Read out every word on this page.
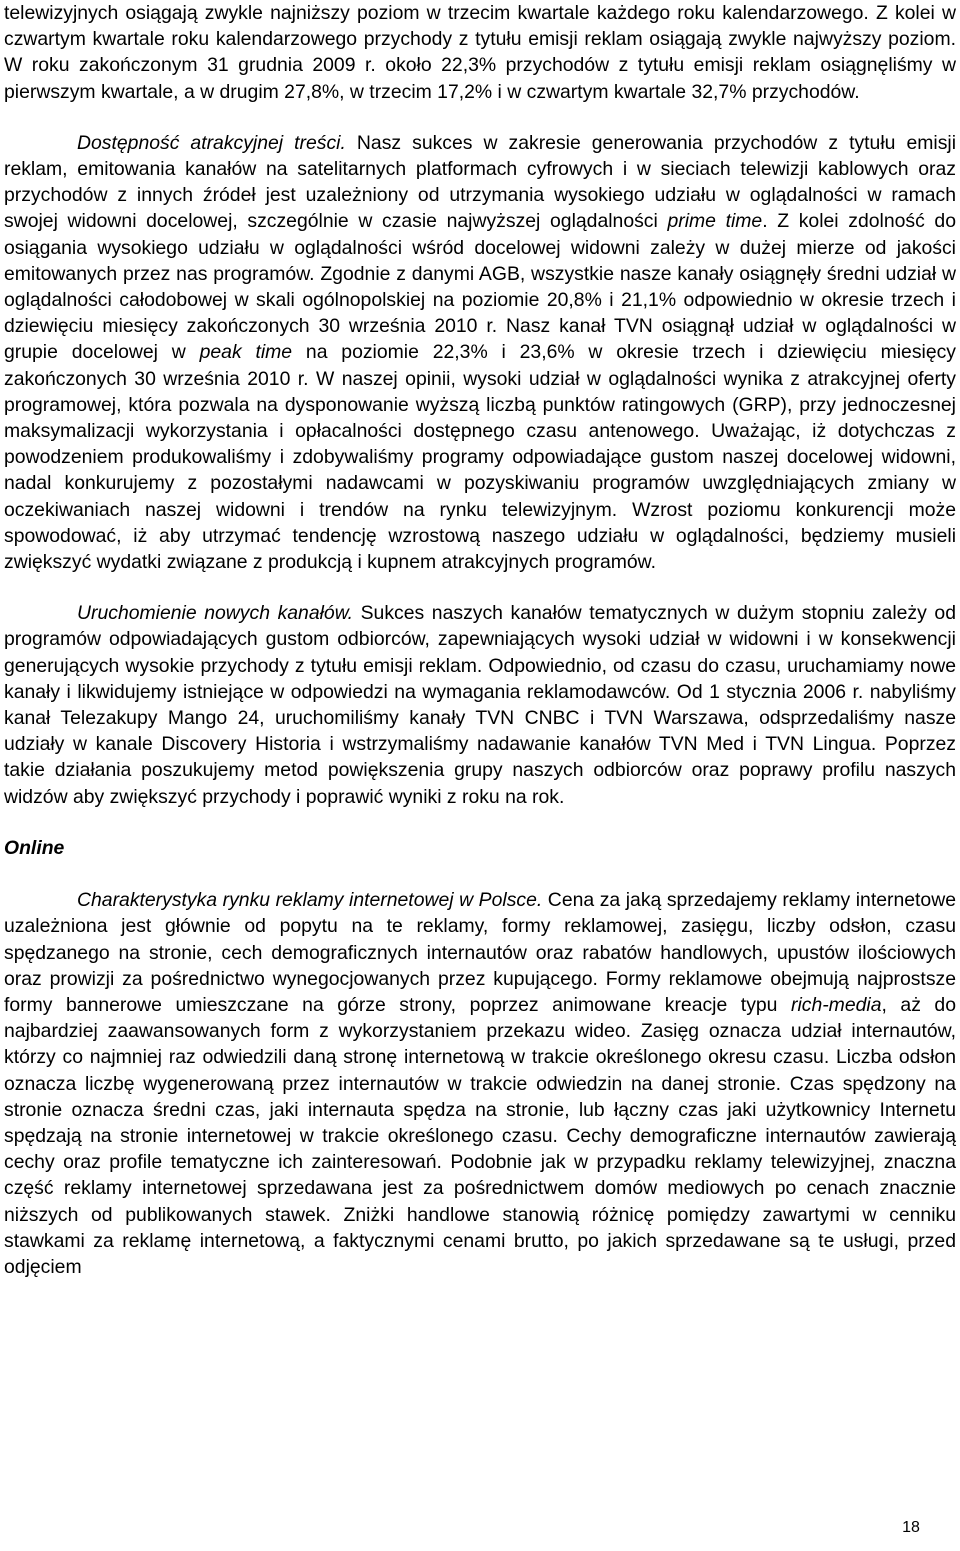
telewizyjnych osiągają zwykle najniższy poziom w trzecim kwartale każdego roku kalendarzowego. Z kolei w czwartym kwartale roku kalendarzowego przychody z tytułu emisji reklam osiągają zwykle najwyższy poziom. W roku zakończonym 31 grudnia 2009 r. około 22,3% przychodów z tytułu emisji reklam osiągnęliśmy w pierwszym kwartale, a w drugim 27,8%, w trzecim 17,2% i w czwartym kwartale 32,7% przychodów.

Dostępność atrakcyjnej treści. Nasz sukces w zakresie generowania przychodów z tytułu emisji reklam, emitowania kanałów na satelitarnych platformach cyfrowych i w sieciach telewizji kablowych oraz przychodów z innych źródeł jest uzależniony od utrzymania wysokiego udziału w oglądalności w ramach swojej widowni docelowej, szczególnie w czasie najwyższej oglądalności prime time. Z kolei zdolność do osiągania wysokiego udziału w oglądalności wśród docelowej widowni zależy w dużej mierze od jakości emitowanych przez nas programów. Zgodnie z danymi AGB, wszystkie nasze kanały osiągnęły średni udział w oglądalności całodobowej w skali ogólnopolskiej na poziomie 20,8% i 21,1% odpowiednio w okresie trzech i dziewięciu miesięcy zakończonych 30 września 2010 r. Nasz kanał TVN osiągnął udział w oglądalności w grupie docelowej w peak time na poziomie 22,3% i 23,6% w okresie trzech i dziewięciu miesięcy zakończonych 30 września 2010 r. W naszej opinii, wysoki udział w oglądalności wynika z atrakcyjnej oferty programowej, która pozwala na dysponowanie wyższą liczbą punktów ratingowych (GRP), przy jednoczesnej maksymalizacji wykorzystania i opłacalności dostępnego czasu antenowego. Uważając, iż dotychczas z powodzeniem produkowaliśmy i zdobywaliśmy programy odpowiadające gustom naszej docelowej widowni, nadal konkurujemy z pozostałymi nadawcami w pozyskiwaniu programów uwzględniających zmiany w oczekiwaniach naszej widowni i trendów na rynku telewizyjnym. Wzrost poziomu konkurencji może spowodować, iż aby utrzymać tendencję wzrostową naszego udziału w oglądalności, będziemy musieli zwiększyć wydatki związane z produkcją i kupnem atrakcyjnych programów.

Uruchomienie nowych kanałów. Sukces naszych kanałów tematycznych w dużym stopniu zależy od programów odpowiadających gustom odbiorców, zapewniających wysoki udział w widowni i w konsekwencji generujących wysokie przychody z tytułu emisji reklam. Odpowiednio, od czasu do czasu, uruchamiamy nowe kanały i likwidujemy istniejące w odpowiedzi na wymagania reklamodawców. Od 1 stycznia 2006 r. nabyliśmy kanał Telezakupy Mango 24, uruchomiliśmy kanały TVN CNBC i TVN Warszawa, odsprzedaliśmy nasze udziały w kanale Discovery Historia i wstrzymaliśmy nadawanie kanałów TVN Med i TVN Lingua. Poprzez takie działania poszukujemy metod powiększenia grupy naszych odbiorców oraz poprawy profilu naszych widzów aby zwiększyć przychody i poprawić wyniki z roku na rok.

Online

Charakterystyka rynku reklamy internetowej w Polsce. Cena za jaką sprzedajemy reklamy internetowe uzależniona jest głównie od popytu na te reklamy, formy reklamowej, zasięgu, liczby odsłon, czasu spędzanego na stronie, cech demograficznych internautów oraz rabatów handlowych, upustów ilościowych oraz prowizji za pośrednictwo wynegocjowanych przez kupującego. Formy reklamowe obejmują najprostsze formy bannerowe umieszczane na górze strony, poprzez animowane kreacje typu rich-media, aż do najbardziej zaawansowanych form z wykorzystaniem przekazu wideo. Zasięg oznacza udział internautów, którzy co najmniej raz odwiedzili daną stronę internetową w trakcie określonego okresu czasu. Liczba odsłon oznacza liczbę wygenerowaną przez internautów w trakcie odwiedzin na danej stronie. Czas spędzony na stronie oznacza średni czas, jaki internauta spędza na stronie, lub łączny czas jaki użytkownicy Internetu spędzają na stronie internetowej w trakcie określonego czasu. Cechy demograficzne internautów zawierają cechy oraz profile tematyczne ich zainteresowań. Podobnie jak w przypadku reklamy telewizyjnej, znaczna część reklamy internetowej sprzedawana jest za pośrednictwem domów mediowych po cenach znacznie niższych od publikowanych stawek. Zniżki handlowe stanowią różnicę pomiędzy zawartymi w cenniku stawkami za reklamę internetową, a faktycznymi cenami brutto, po jakich sprzedawane są te usługi, przed odjęciem

18
